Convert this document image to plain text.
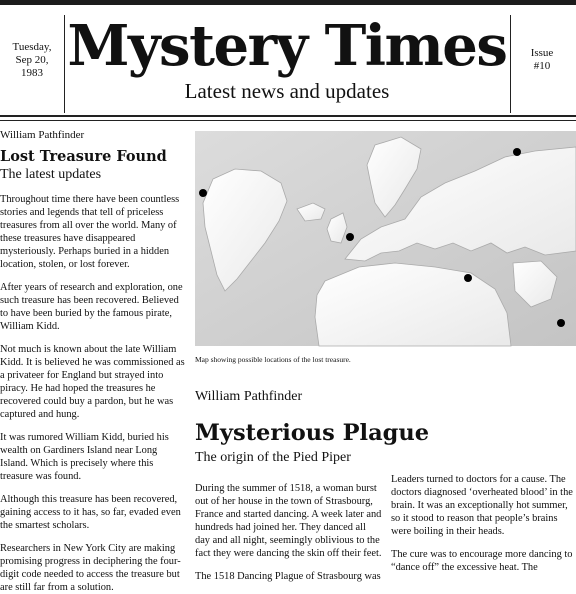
Tuesday,
Sep 20,
1983 Mystery Times
Latest news and updates
Issue
#10

William Pathfinder

Lost Treasure Found

The latest updates

Throughout time there have been countless stories and legends that tell of priceless treasures from all over the world. Many of these treasures have disappeared mysteriously. Perhaps buried in a hidden location, stolen, or lost forever.

After years of research and exploration, one such treasure has been recovered. Believed to have been buried by the famous pirate, William Kidd.

Not much is known about the late William Kidd. It is believed he was commissioned as a privateer for England but strayed into piracy. He had hoped the treasures he recovered could buy a pardon, but he was captured and hung.

It was rumored William Kidd, buried his wealth on Gardiners Island near Long Island. Which is precisely where this treasure was found.

Although this treasure has been recovered, gaining access to it has, so far, evaded even the smartest scholars.

Researchers in New York City are making promising progress in deciphering the four-digit code needed to access the treasure but are still far from a solution.

Map showing possible locations of the lost treasure.
William Pathfinder
Mysterious Plague
The origin of the Pied Piper

During the summer of 1518, a woman burst out of her house in the town of Strasbourg, France and started dancing. A week later and hundreds had joined her. They danced all day and all night, seemingly oblivious to the fact they were dancing the skin off their feet.

The 1518 Dancing Plague of Strasbourg was

Leaders turned to doctors for a cause. The doctors diagnosed ‘overheated blood’ in the brain. It was an exceptionally hot summer, so it stood to reason that people’s brains were boiling in their heads.

The cure was to encourage more dancing to “dance off” the excessive heat. The
